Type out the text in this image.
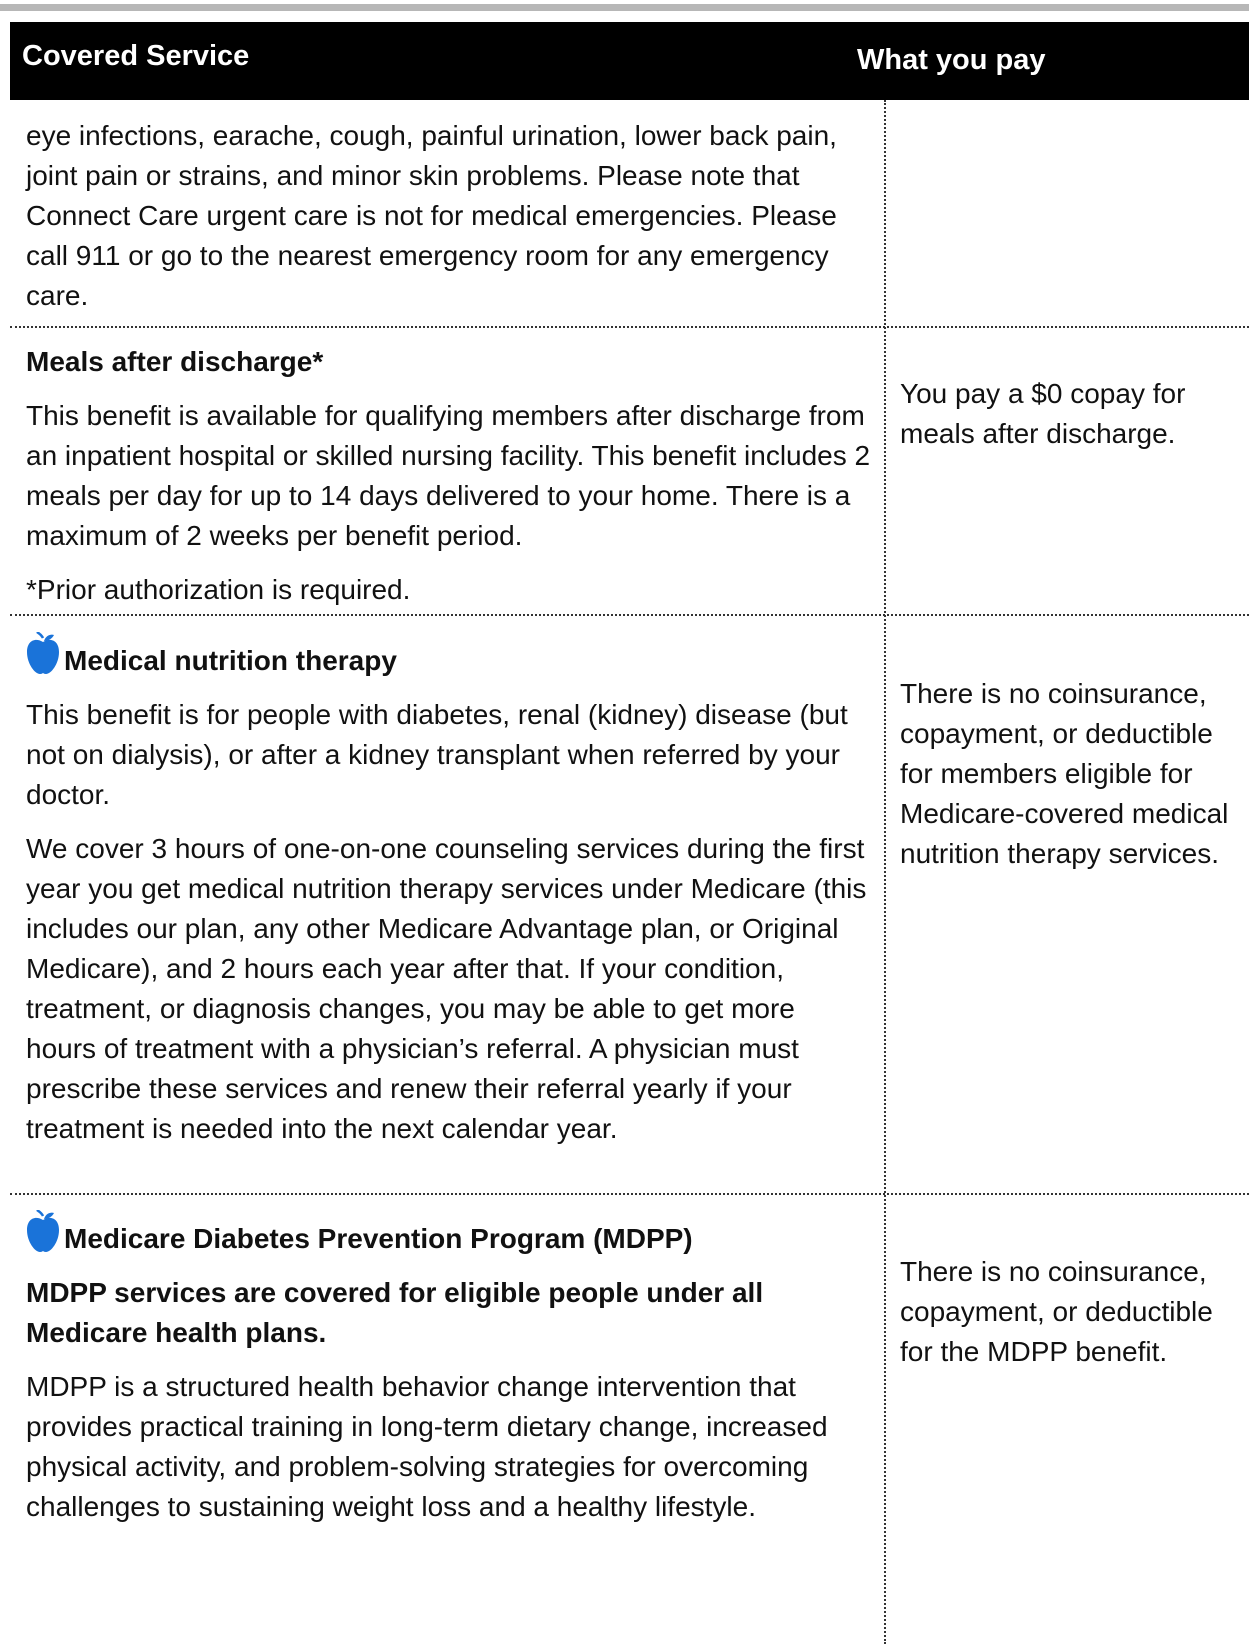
Covered Service	What you pay

eye infections, earache, cough, painful urination, lower back pain, joint pain or strains, and minor skin problems. Please note that Connect Care urgent care is not for medical emergencies. Please call 911 or go to the nearest emergency room for any emergency care.

Meals after discharge*

This benefit is available for qualifying members after discharge from an inpatient hospital or skilled nursing facility. This benefit includes 2 meals per day for up to 14 days delivered to your home. There is a maximum of 2 weeks per benefit period.

*Prior authorization is required.

You pay a $0 copay for meals after discharge.

Medical nutrition therapy

This benefit is for people with diabetes, renal (kidney) disease (but not on dialysis), or after a kidney transplant when referred by your doctor.

We cover 3 hours of one-on-one counseling services during the first year you get medical nutrition therapy services under Medicare (this includes our plan, any other Medicare Advantage plan, or Original Medicare), and 2 hours each year after that. If your condition, treatment, or diagnosis changes, you may be able to get more hours of treatment with a physician’s referral. A physician must prescribe these services and renew their referral yearly if your treatment is needed into the next calendar year.

There is no coinsurance, copayment, or deductible for members eligible for Medicare-covered medical nutrition therapy services.

Medicare Diabetes Prevention Program (MDPP)

MDPP services are covered for eligible people under all Medicare health plans.

MDPP is a structured health behavior change intervention that provides practical training in long-term dietary change, increased physical activity, and problem-solving strategies for overcoming challenges to sustaining weight loss and a healthy lifestyle.

There is no coinsurance, copayment, or deductible for the MDPP benefit.
